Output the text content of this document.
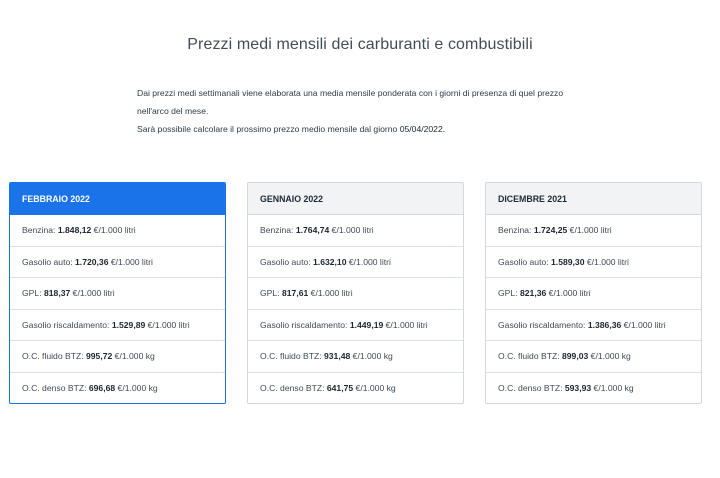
Prezzi medi mensili dei carburanti e combustibili

Dai prezzi medi settimanali viene elaborata una media mensile ponderata con i giorni di presenza di quel prezzo nell'arco del mese.

Sarà possibile calcolare il prossimo prezzo medio mensile dal giorno 05/04/2022.

FEBBRAIO 2022
Benzina: 1.848,12 €/1.000 litri
Gasolio auto: 1.720,36 €/1.000 litri
GPL: 818,37 €/1.000 litri
Gasolio riscaldamento: 1.529,89 €/1.000 litri
O.C. fluido BTZ: 995,72 €/1.000 kg
O.C. denso BTZ: 696,68 €/1.000 kg
GENNAIO 2022
Benzina: 1.764,74 €/1.000 litri
Gasolio auto: 1.632,10 €/1.000 litri
GPL: 817,61 €/1.000 litri
Gasolio riscaldamento: 1.449,19 €/1.000 litri
O.C. fluido BTZ: 931,48 €/1.000 kg
O.C. denso BTZ: 641,75 €/1.000 kg
DICEMBRE 2021
Benzina: 1.724,25 €/1.000 litri
Gasolio auto: 1.589,30 €/1.000 litri
GPL: 821,36 €/1.000 litri
Gasolio riscaldamento: 1.386,36 €/1.000 litri
O.C. fluido BTZ: 899,03 €/1.000 kg
O.C. denso BTZ: 593,93 €/1.000 kg
